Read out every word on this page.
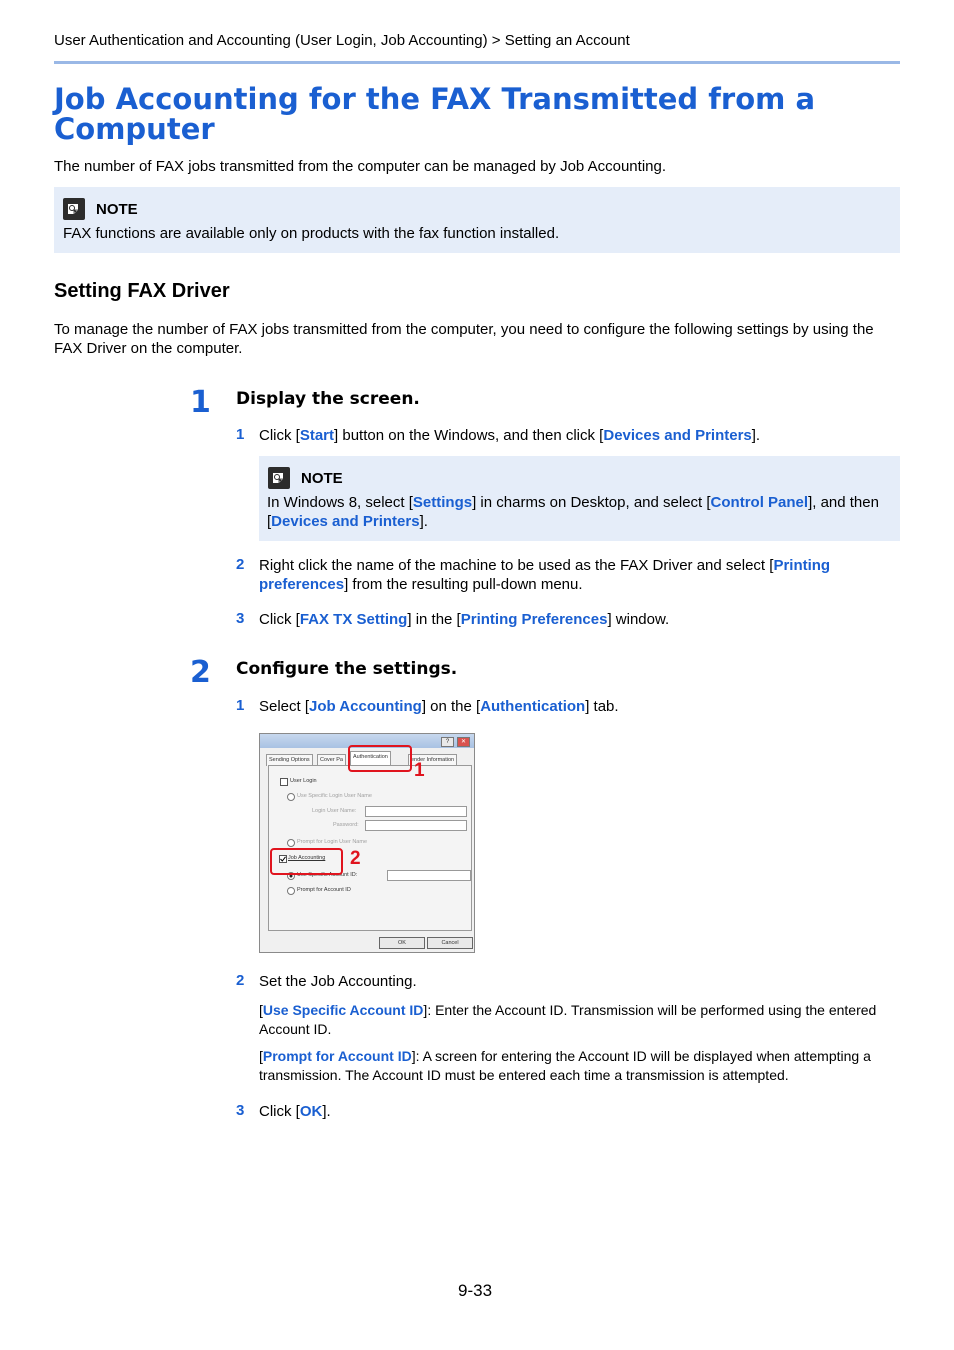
User Authentication and Accounting (User Login, Job Accounting) > Setting an Account
Job Accounting for the FAX Transmitted from a Computer
The number of FAX jobs transmitted from the computer can be managed by Job Accounting.
NOTE
FAX functions are available only on products with the fax function installed.
Setting FAX Driver
To manage the number of FAX jobs transmitted from the computer, you need to configure the following settings by using the FAX Driver on the computer.
1 Display the screen.
1 Click [Start] button on the Windows, and then click [Devices and Printers].
NOTE
In Windows 8, select [Settings] in charms on Desktop, and select [Control Panel], and then [Devices and Printers].
2 Right click the name of the machine to be used as the FAX Driver and select [Printing preferences] from the resulting pull-down menu.
3 Click [FAX TX Setting] in the [Printing Preferences] window.
2 Configure the settings.
1 Select [Job Accounting] on the [Authentication] tab.
?	✕
Sending Options	Cover Pa	Authentication	ender Information
User Login
Use Specific Login User Name
Login User Name:
Password:
Prompt for Login User Name
Job Accounting
Use Specific Account ID:
Prompt for Account ID
OK	Cancel
1
2
2 Set the Job Accounting.
[Use Specific Account ID]: Enter the Account ID. Transmission will be performed using the entered Account ID.
[Prompt for Account ID]: A screen for entering the Account ID will be displayed when attempting a transmission. The Account ID must be entered each time a transmission is attempted.
3 Click [OK].
9-33
